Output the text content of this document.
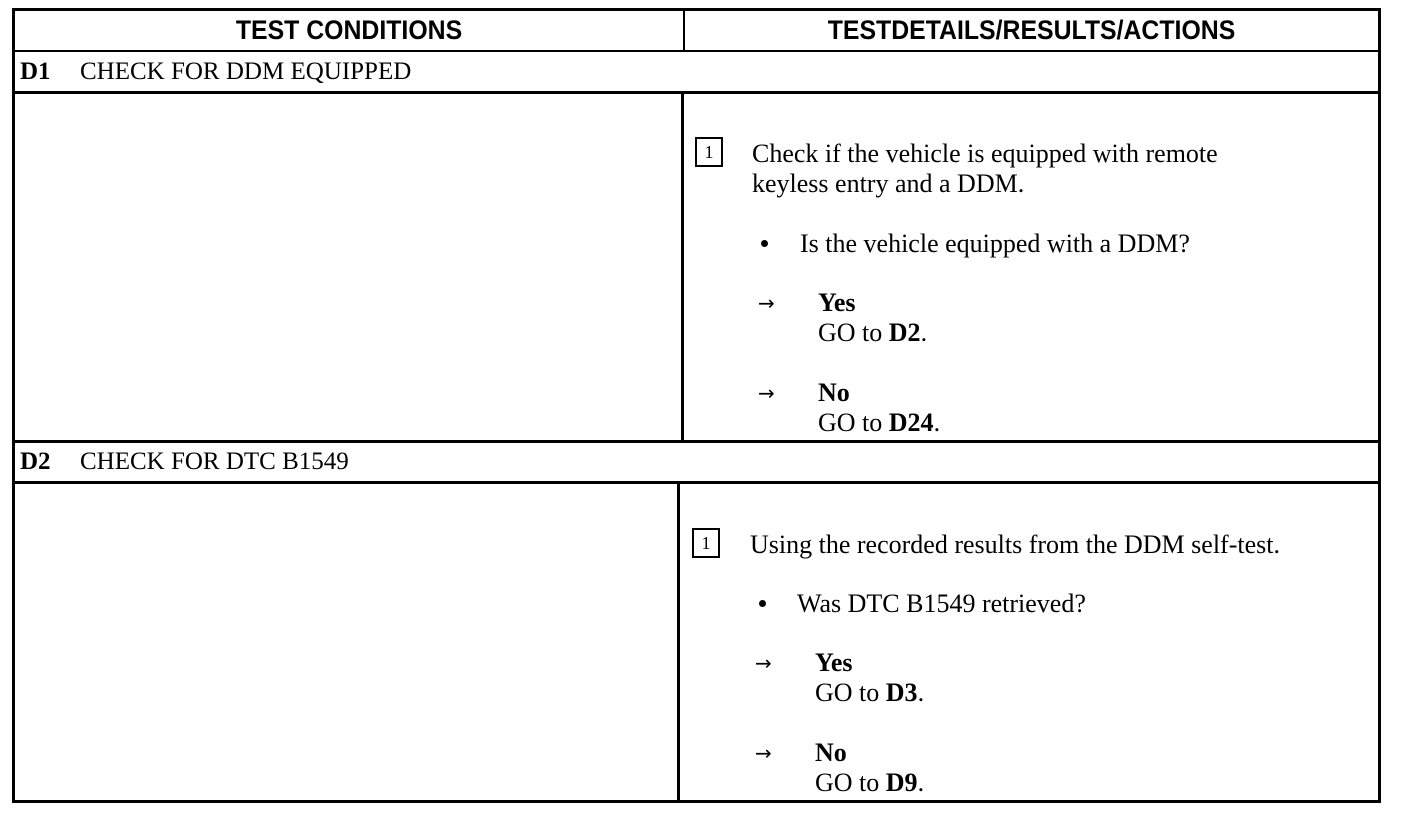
TEST CONDITIONS	TESTDETAILS/RESULTS/ACTIONS
D1 CHECK FOR DDM EQUIPPED
1	Check if the vehicle is equipped with remote
keyless entry and a DDM.
Is the vehicle equipped with a DDM?
→ Yes
GO to D2.
→ No
GO to D24.
D2 CHECK FOR DTC B1549
1	Using the recorded results from the DDM self-test.
Was DTC B1549 retrieved?
→ Yes
GO to D3.
→ No
GO to D9.
